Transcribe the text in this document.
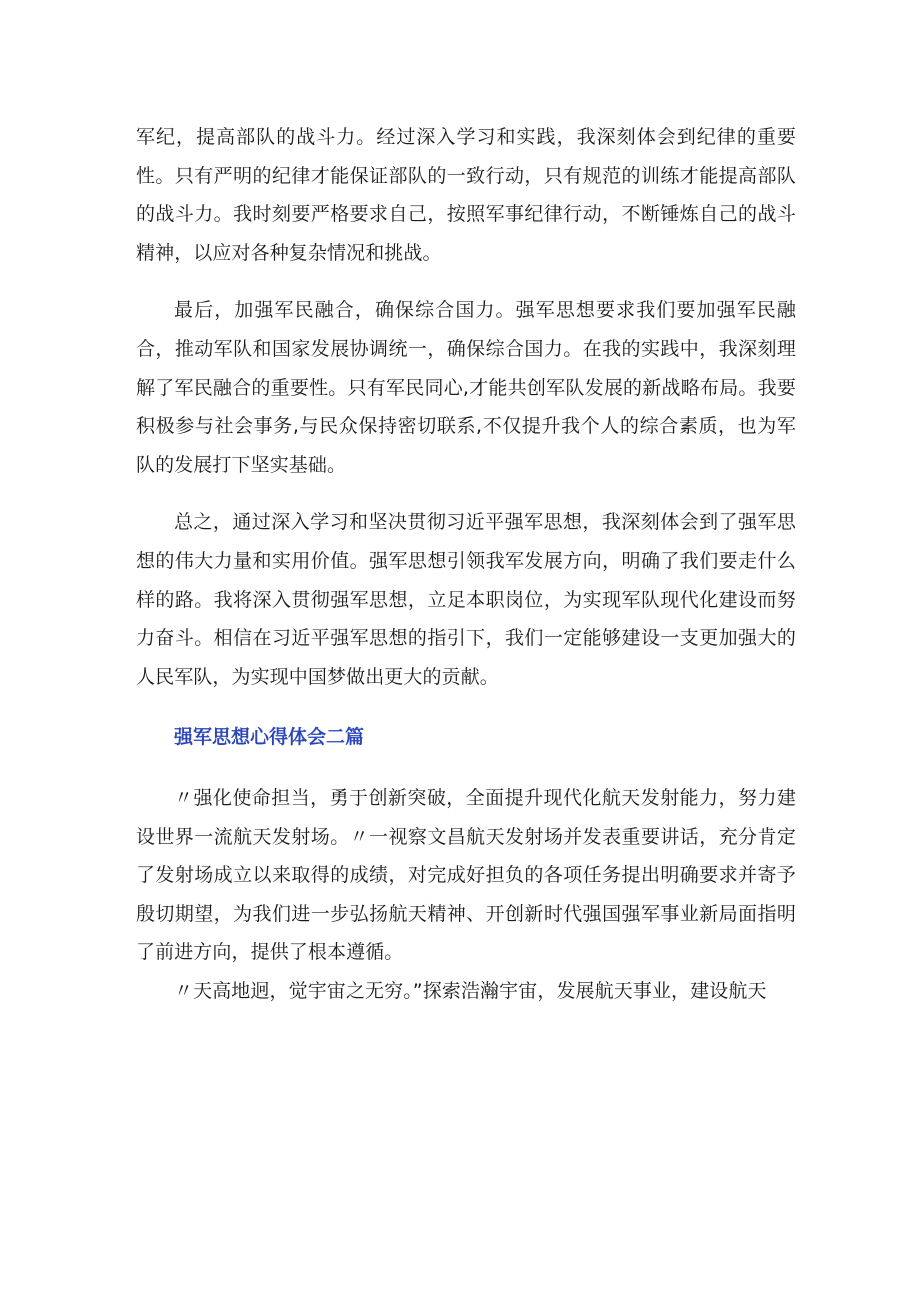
军纪，提高部队的战斗力。经过深入学习和实践，我深刻体会到纪律的重要性。只有严明的纪律才能保证部队的一致行动，只有规范的训练才能提高部队的战斗力。我时刻要严格要求自己，按照军事纪律行动，不断锤炼自己的战斗精神，以应对各种复杂情况和挑战。

最后，加强军民融合，确保综合国力。强军思想要求我们要加强军民融合，推动军队和国家发展协调统一，确保综合国力。在我的实践中，我深刻理解了军民融合的重要性。只有军民同心,才能共创军队发展的新战略布局。我要积极参与社会事务,与民众保持密切联系,不仅提升我个人的综合素质，也为军队的发展打下坚实基础。

总之，通过深入学习和坚决贯彻习近平强军思想，我深刻体会到了强军思想的伟大力量和实用价值。强军思想引领我军发展方向，明确了我们要走什么样的路。我将深入贯彻强军思想，立足本职岗位，为实现军队现代化建设而努力奋斗。相信在习近平强军思想的指引下，我们一定能够建设一支更加强大的人民军队，为实现中国梦做出更大的贡献。

强军思想心得体会二篇

〃强化使命担当，勇于创新突破，全面提升现代化航天发射能力，努力建设世界一流航天发射场。〃一视察文昌航天发射场并发表重要讲话，充分肯定了发射场成立以来取得的成绩，对完成好担负的各项任务提出明确要求并寄予殷切期望，为我们进一步弘扬航天精神、开创新时代强国强军事业新局面指明了前进方向，提供了根本遵循。

〃天高地迥，觉宇宙之无穷。”探索浩瀚宇宙，发展航天事业，建设航天
